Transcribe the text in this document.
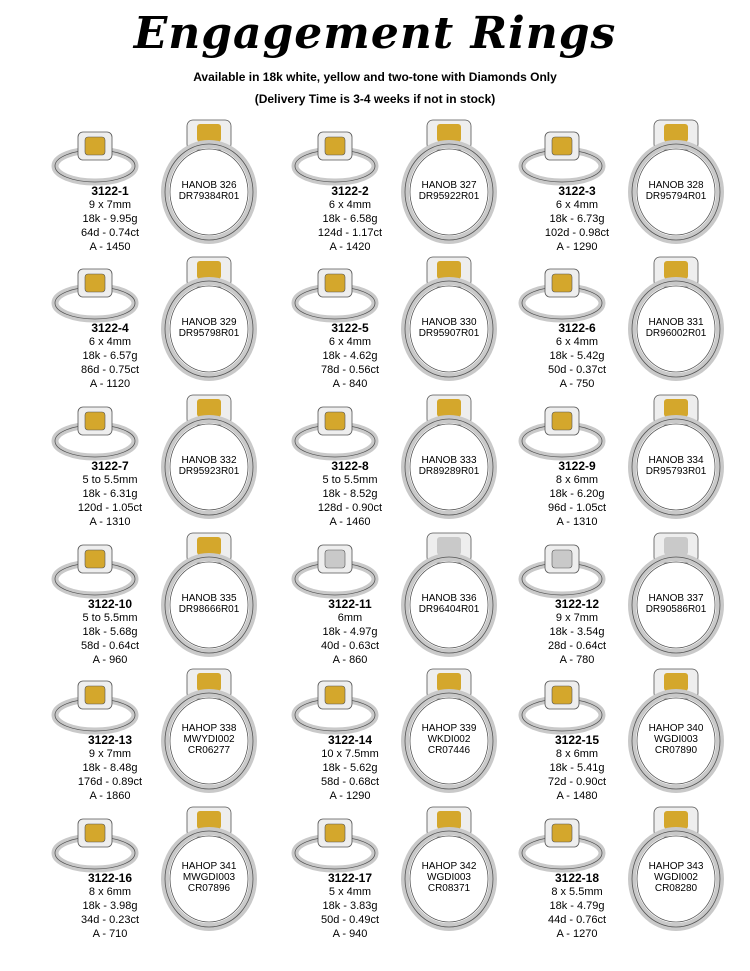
Engagement Rings
Available in 18k white, yellow and two-tone with Diamonds Only
(Delivery Time is 3-4 weeks if not in stock)
HANOB 326
DR79384R01
3122-1
9 x 7mm
18k - 9.95g
64d - 0.74ct
A - 1450
HANOB 327
DR95922R01
3122-2
6 x 4mm
18k - 6.58g
124d - 1.17ct
A - 1420
HANOB 328
DR95794R01
3122-3
6 x 4mm
18k - 6.73g
102d - 0.98ct
A - 1290
HANOB 329
DR95798R01
3122-4
6 x 4mm
18k - 6.57g
86d - 0.75ct
A - 1120
HANOB 330
DR95907R01
3122-5
6 x 4mm
18k - 4.62g
78d - 0.56ct
A - 840
HANOB 331
DR96002R01
3122-6
6 x 4mm
18k - 5.42g
50d - 0.37ct
A - 750
HANOB 332
DR95923R01
3122-7
5 to 5.5mm
18k - 6.31g
120d - 1.05ct
A - 1310
HANOB 333
DR89289R01
3122-8
5 to 5.5mm
18k - 8.52g
128d - 0.90ct
A - 1460
HANOB 334
DR95793R01
3122-9
8 x 6mm
18k - 6.20g
96d - 1.05ct
A - 1310
HANOB 335
DR98666R01
3122-10
5 to 5.5mm
18k - 5.68g
58d - 0.64ct
A - 960
HANOB 336
DR96404R01
3122-11
6mm
18k - 4.97g
40d - 0.63ct
A - 860
HANOB 337
DR90586R01
3122-12
9 x 7mm
18k - 3.54g
28d - 0.64ct
A - 780
HAHOP 338
MWYDI002
CR06277
3122-13
9 x 7mm
18k - 8.48g
176d - 0.89ct
A - 1860
HAHOP 339
WKDI002
CR07446
3122-14
10 x 7.5mm
18k - 5.62g
58d - 0.68ct
A - 1290
HAHOP 340
WGDI003
CR07890
3122-15
8 x 6mm
18k - 5.41g
72d - 0.90ct
A - 1480
HAHOP 341
MWGDI003
CR07896
3122-16
8 x 6mm
18k - 3.98g
34d - 0.23ct
A - 710
HAHOP 342
WGDI003
CR08371
3122-17
5 x 4mm
18k - 3.83g
50d - 0.49ct
A - 940
HAHOP 343
WGDI002
CR08280
3122-18
8 x 5.5mm
18k - 4.79g
44d - 0.76ct
A - 1270
